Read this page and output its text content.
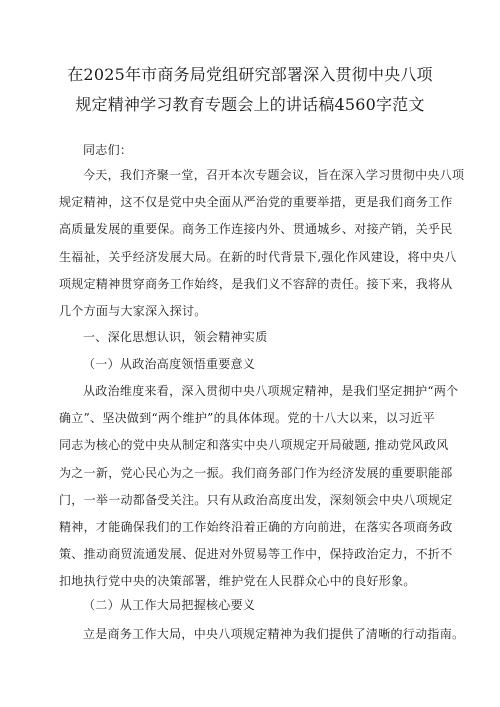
在2025年市商务局党组研究部署深入贯彻中央八项
规定精神学习教育专题会上的讲话稿4560字范文
同志们：
今天，我们齐聚一堂，召开本次专题会议，旨在深入学习贯彻中央八项
规定精神，这不仅是党中央全面从严治党的重要举措，更是我们商务工作
高质量发展的重要保。商务工作连接内外、贯通城乡、对接产销，关乎民
生福祉，关乎经济发展大局。在新的时代背景下,强化作风建设，将中央八
项规定精神贯穿商务工作始终，是我们义不容辞的责任。接下来，我将从
几个方面与大家深入探讨。
一、深化思想认识，领会精神实质
（一）从政治高度领悟重要意义
从政治维度来看，深入贯彻中央八项规定精神，是我们坚定拥护“两个
确立”、坚决做到“两个维护”的具体体现。党的十八大以来，以习近平
同志为核心的党中央从制定和落实中央八项规定开局破题, 推动党风政风
为之一新，党心民心为之一振。我们商务部门作为经济发展的重要职能部
门，一举一动都备受关注。只有从政治高度出发，深刻领会中央八项规定
精神，才能确保我们的工作始终沿着正确的方向前进，在落实各项商务政
策、推动商贸流通发展、促进对外贸易等工作中，保持政治定力，不折不
扣地执行党中央的决策部署，维护党在人民群众心中的良好形象。
（二）从工作大局把握核心要义
立是商务工作大局，中央八项规定精神为我们提供了清晰的行动指南。
